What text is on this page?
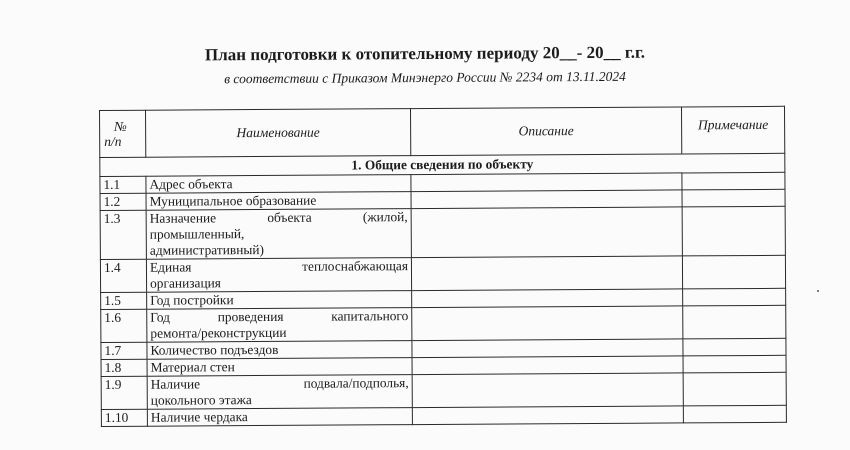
План подготовки к отопительному периоду 20__- 20__ г.г.
в соответствии с Приказом Минэнерго России № 2234 от 13.11.2024
№
п/п	Наименование	Описание	Примечание
1. Общие сведения по объекту			
1.1	Адрес объекта		
1.2	Муниципальное образование		
1.3	Назначение объекта (жилой, промышленный,
административный)		

1.4	Единая теплоснабжающая
организация		

1.5	Год постройки		
1.6	Год проведения капитального
ремонта/реконструкции		

1.7	Количество подъездов		
1.8	Материал стен		
1.9	Наличие подвала/подполья,
цокольного этажа		

1.10	Наличие чердака		
